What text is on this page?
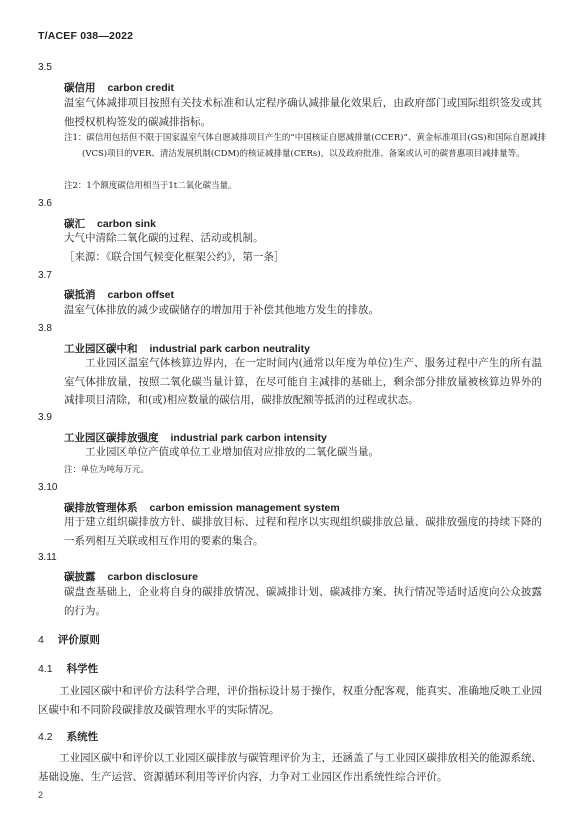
T/ACEF 038—2022
3.5
碳信用 carbon credit
温室气体减排项目按照有关技术标准和认定程序确认减排量化效果后，由政府部门或国际组织签发或其他授权机构签发的碳减排指标。
注1：碳信用包括但不限于国家温室气体自愿减排项目产生的“中国核证自愿减排量(CCER)”、黄金标准项目(GS)和国际自愿减排(VCS)项目的VER、清洁发展机制(CDM)的核证减排量(CERs)，以及政府批准、备案或认可的碳普惠项目减排量等。
注2：1个额度碳信用相当于1t二氧化碳当量。
3.6
碳汇 carbon sink
大气中清除二氧化碳的过程、活动或机制。
［来源：《联合国气候变化框架公约》，第一条］
3.7
碳抵消 carbon offset
温室气体排放的减少或碳储存的增加用于补偿其他地方发生的排放。
3.8
工业园区碳中和 industrial park carbon neutrality
工业园区温室气体核算边界内，在一定时间内(通常以年度为单位)生产、服务过程中产生的所有温室气体排放量，按照二氧化碳当量计算，在尽可能自主减排的基础上，剩余部分排放量被核算边界外的减排项目清除，和(或)相应数量的碳信用，碳排放配额等抵消的过程或状态。
3.9
工业园区碳排放强度 industrial park carbon intensity
工业园区单位产值或单位工业增加值对应排放的二氧化碳当量。
注：单位为吨每万元。
3.10
碳排放管理体系 carbon emission management system
用于建立组织碳排放方针、碳排放目标、过程和程序以实现组织碳排放总量、碳排放强度的持续下降的一系列相互关联或相互作用的要素的集合。
3.11
碳披露 carbon disclosure
碳盘查基础上，企业将自身的碳排放情况、碳减排计划、碳减排方案、执行情况等适时适度向公众披露的行为。
4 评价原则
4.1 科学性
工业园区碳中和评价方法科学合理，评价指标设计易于操作，权重分配客观，能真实、准确地反映工业园区碳中和不同阶段碳排放及碳管理水平的实际情况。
4.2 系统性
工业园区碳中和评价以工业园区碳排放与碳管理评价为主，还涵盖了与工业园区碳排放相关的能源系统、基础设施、生产运营、资源循环利用等评价内容，力争对工业园区作出系统性综合评价。
2
